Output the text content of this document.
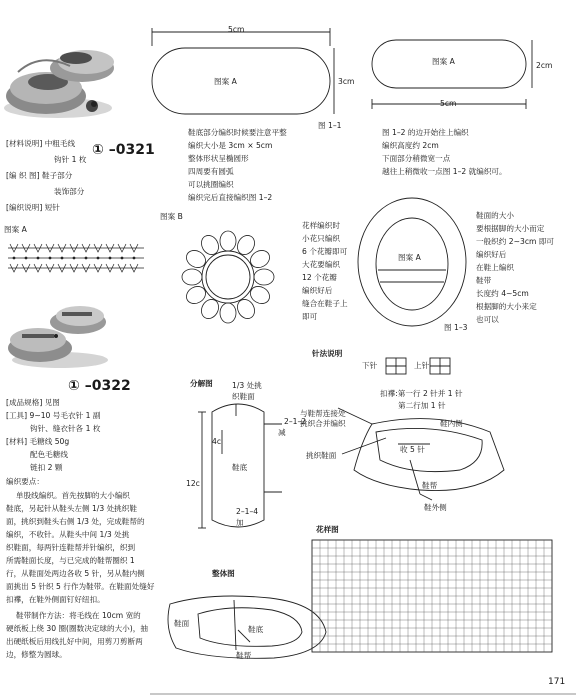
[材料说明] 中粗毛线
钩针 1 枚
[编 织 图] 鞋子部分
装饰部分
[编织说明] 短针
① –0321
图案 A
① –0322
[成品规格] 见图
[工具] 9~10 号毛衣针 1 副
钩针、缝衣针各 1 枚
[材料] 毛糖线 50g
配色毛糖线
链扣 2 颗
编织要点：
单股线编织。首先按脚的大小编织
鞋底，另起针从鞋头左侧 1/3 处挑织鞋
面，挑织到鞋头右侧 1/3 处，完成鞋帮的
编织，不收针。从鞋头中间 1/3 处挑
织鞋面，每两针连鞋帮并针编织，织到
所需鞋面长度，与已完成的鞋帮圈织 1
行，从鞋面处两边各收 5 针，另从鞋内侧
面挑出 5 针织 5 行作为鞋带。在鞋面处缝好
扣襻，在鞋外侧面钉好纽扣。
鞋带制作方法：将毛线在 10cm 宽的
硬纸板上绕 30 圈(圈数决定球的大小)，抽
出硬纸板后用线扎好中间，用剪刀剪断两
边，修整为圆球。
5cm
3cm
图案 A
图 1–1
图案 A	2cm
5cm
鞋底部分编织时候要注意平整
编织大小是 3cm × 5cm
整体形状呈椭圆形
四周要有圆弧
可以挑圈编织
编织完后直接编织图 1–2
图 1–2 的边开始往上编织
编织高度约 2cm
下面部分稍微宽一点
越往上稍微收一点图 1–2 就编织可。
图案 B
花样编织时
小花只编织
6 个花瓣即可
大花要编织
12 个花瓣
编织好后
缝合在鞋子上
即可
图案 A
图 1–3
鞋面的大小
要根据脚的大小而定
一般织约 2~3cm 即可
编织好后
在鞋上编织
鞋带
长度约 4~5cm
根据脚的大小来定
也可以
针法说明
下针	上针
分解图	1/3 处挑
织鞋面
2–1–2
减
4c
鞋底
12c
2–1–4
加
扣襻:第一行 2 针并 1 针
第二行加 1 针
与鞋帮连接处
挑织合并编织	鞋内侧
挑织鞋面
收 5 针
鞋帮
鞋外侧
花样图
整体图
鞋面
鞋底
鞋帮
171
